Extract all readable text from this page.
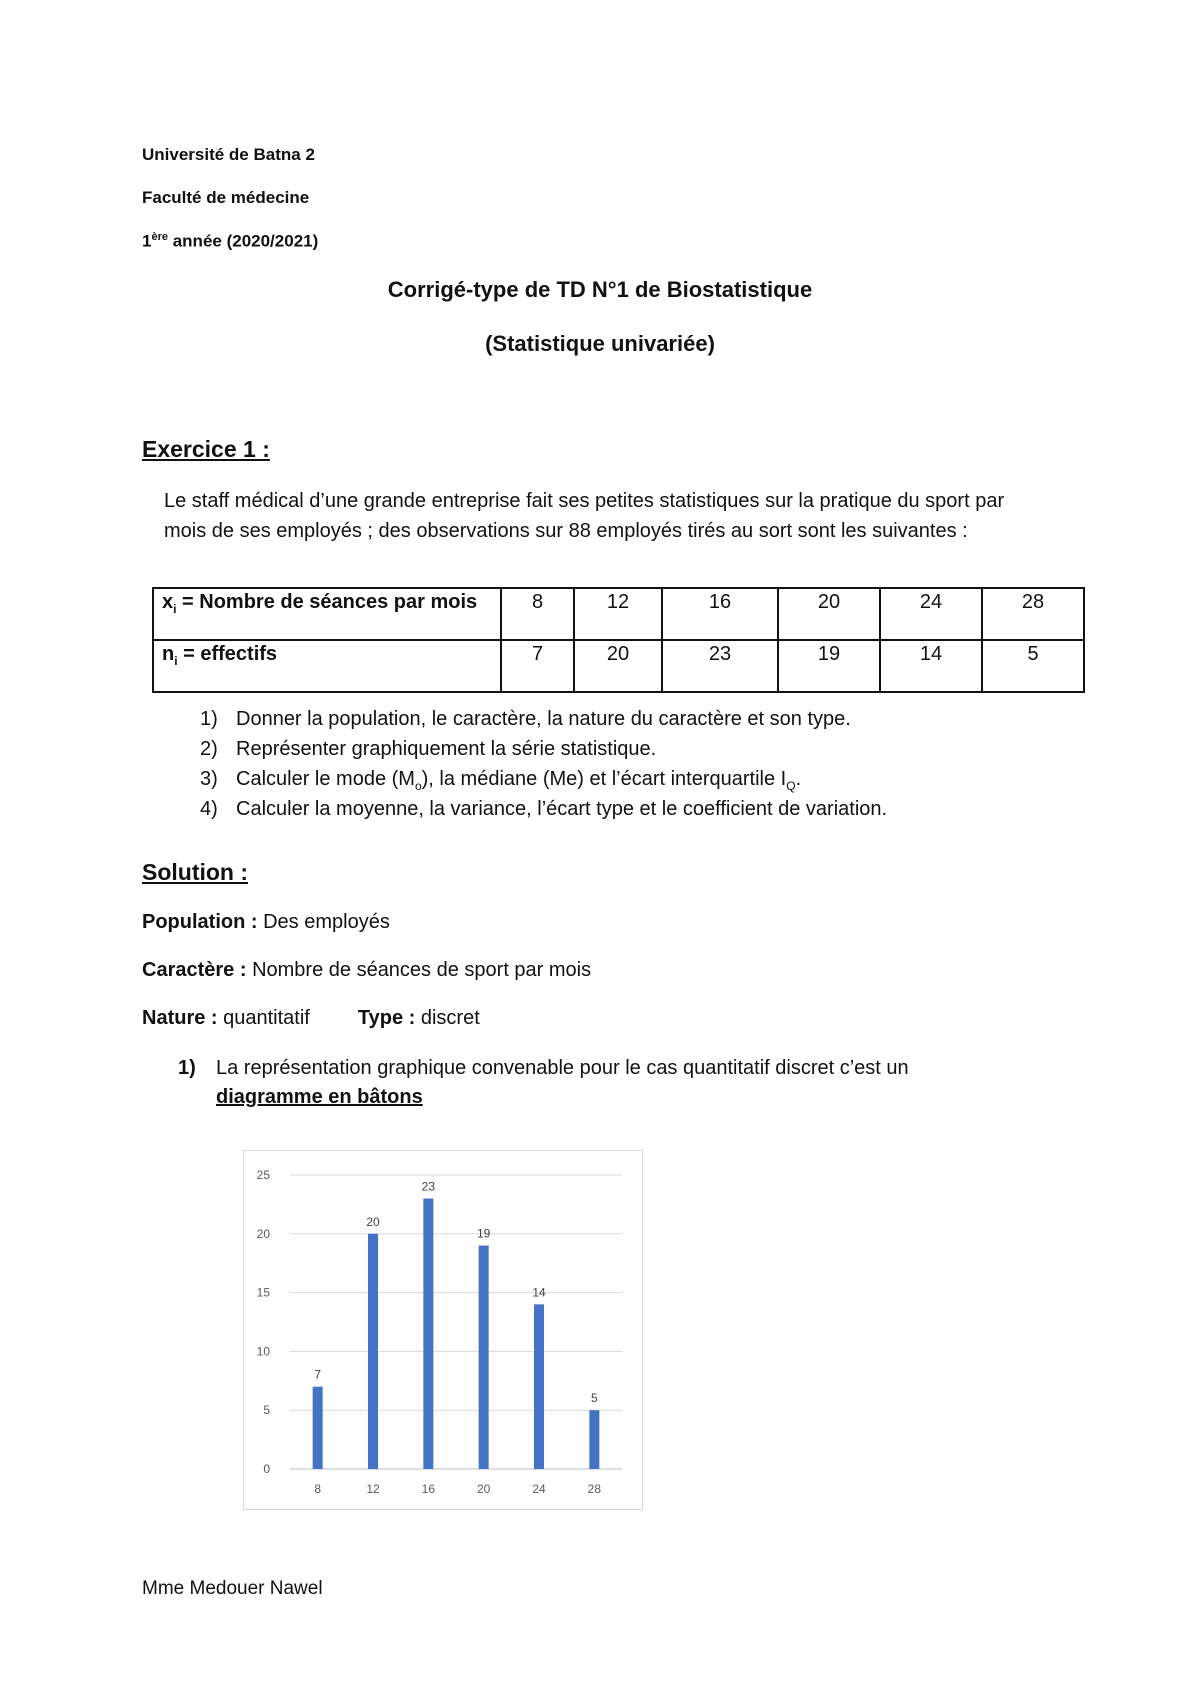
Université de Batna 2
Faculté de médecine
1ère année (2020/2021)
Corrigé-type de TD N°1 de Biostatistique
(Statistique univariée)
Exercice 1 :
Le staff médical d’une grande entreprise fait ses petites statistiques sur la pratique du sport par mois de ses employés ; des observations sur 88 employés tirés au sort sont les suivantes :
$x_i$ = Nombre de séances par mois	8	12	16	20	24	28
$n_i$ = effectifs	7	20	23	19	14	5
1) Donner la population, le caractère, la nature du caractère et son type.
2) Représenter graphiquement la série statistique.
3) Calculer le mode $(M_o)$, la médiane (Me) et l’écart interquartile $I_Q$.
4) Calculer la moyenne, la variance, l’écart type et le coefficient de variation.
Solution :
Population : Des employés
Caractère : Nombre de séances de sport par mois
Nature : quantitatif Type : discret
1) La représentation graphique convenable pour le cas quantitatif discret c’est un
diagramme en bâtons
0
5
10
15
20
25
7
8
20
12
23
16
19
20
14
24
5
28
Mme Medouer Nawel
